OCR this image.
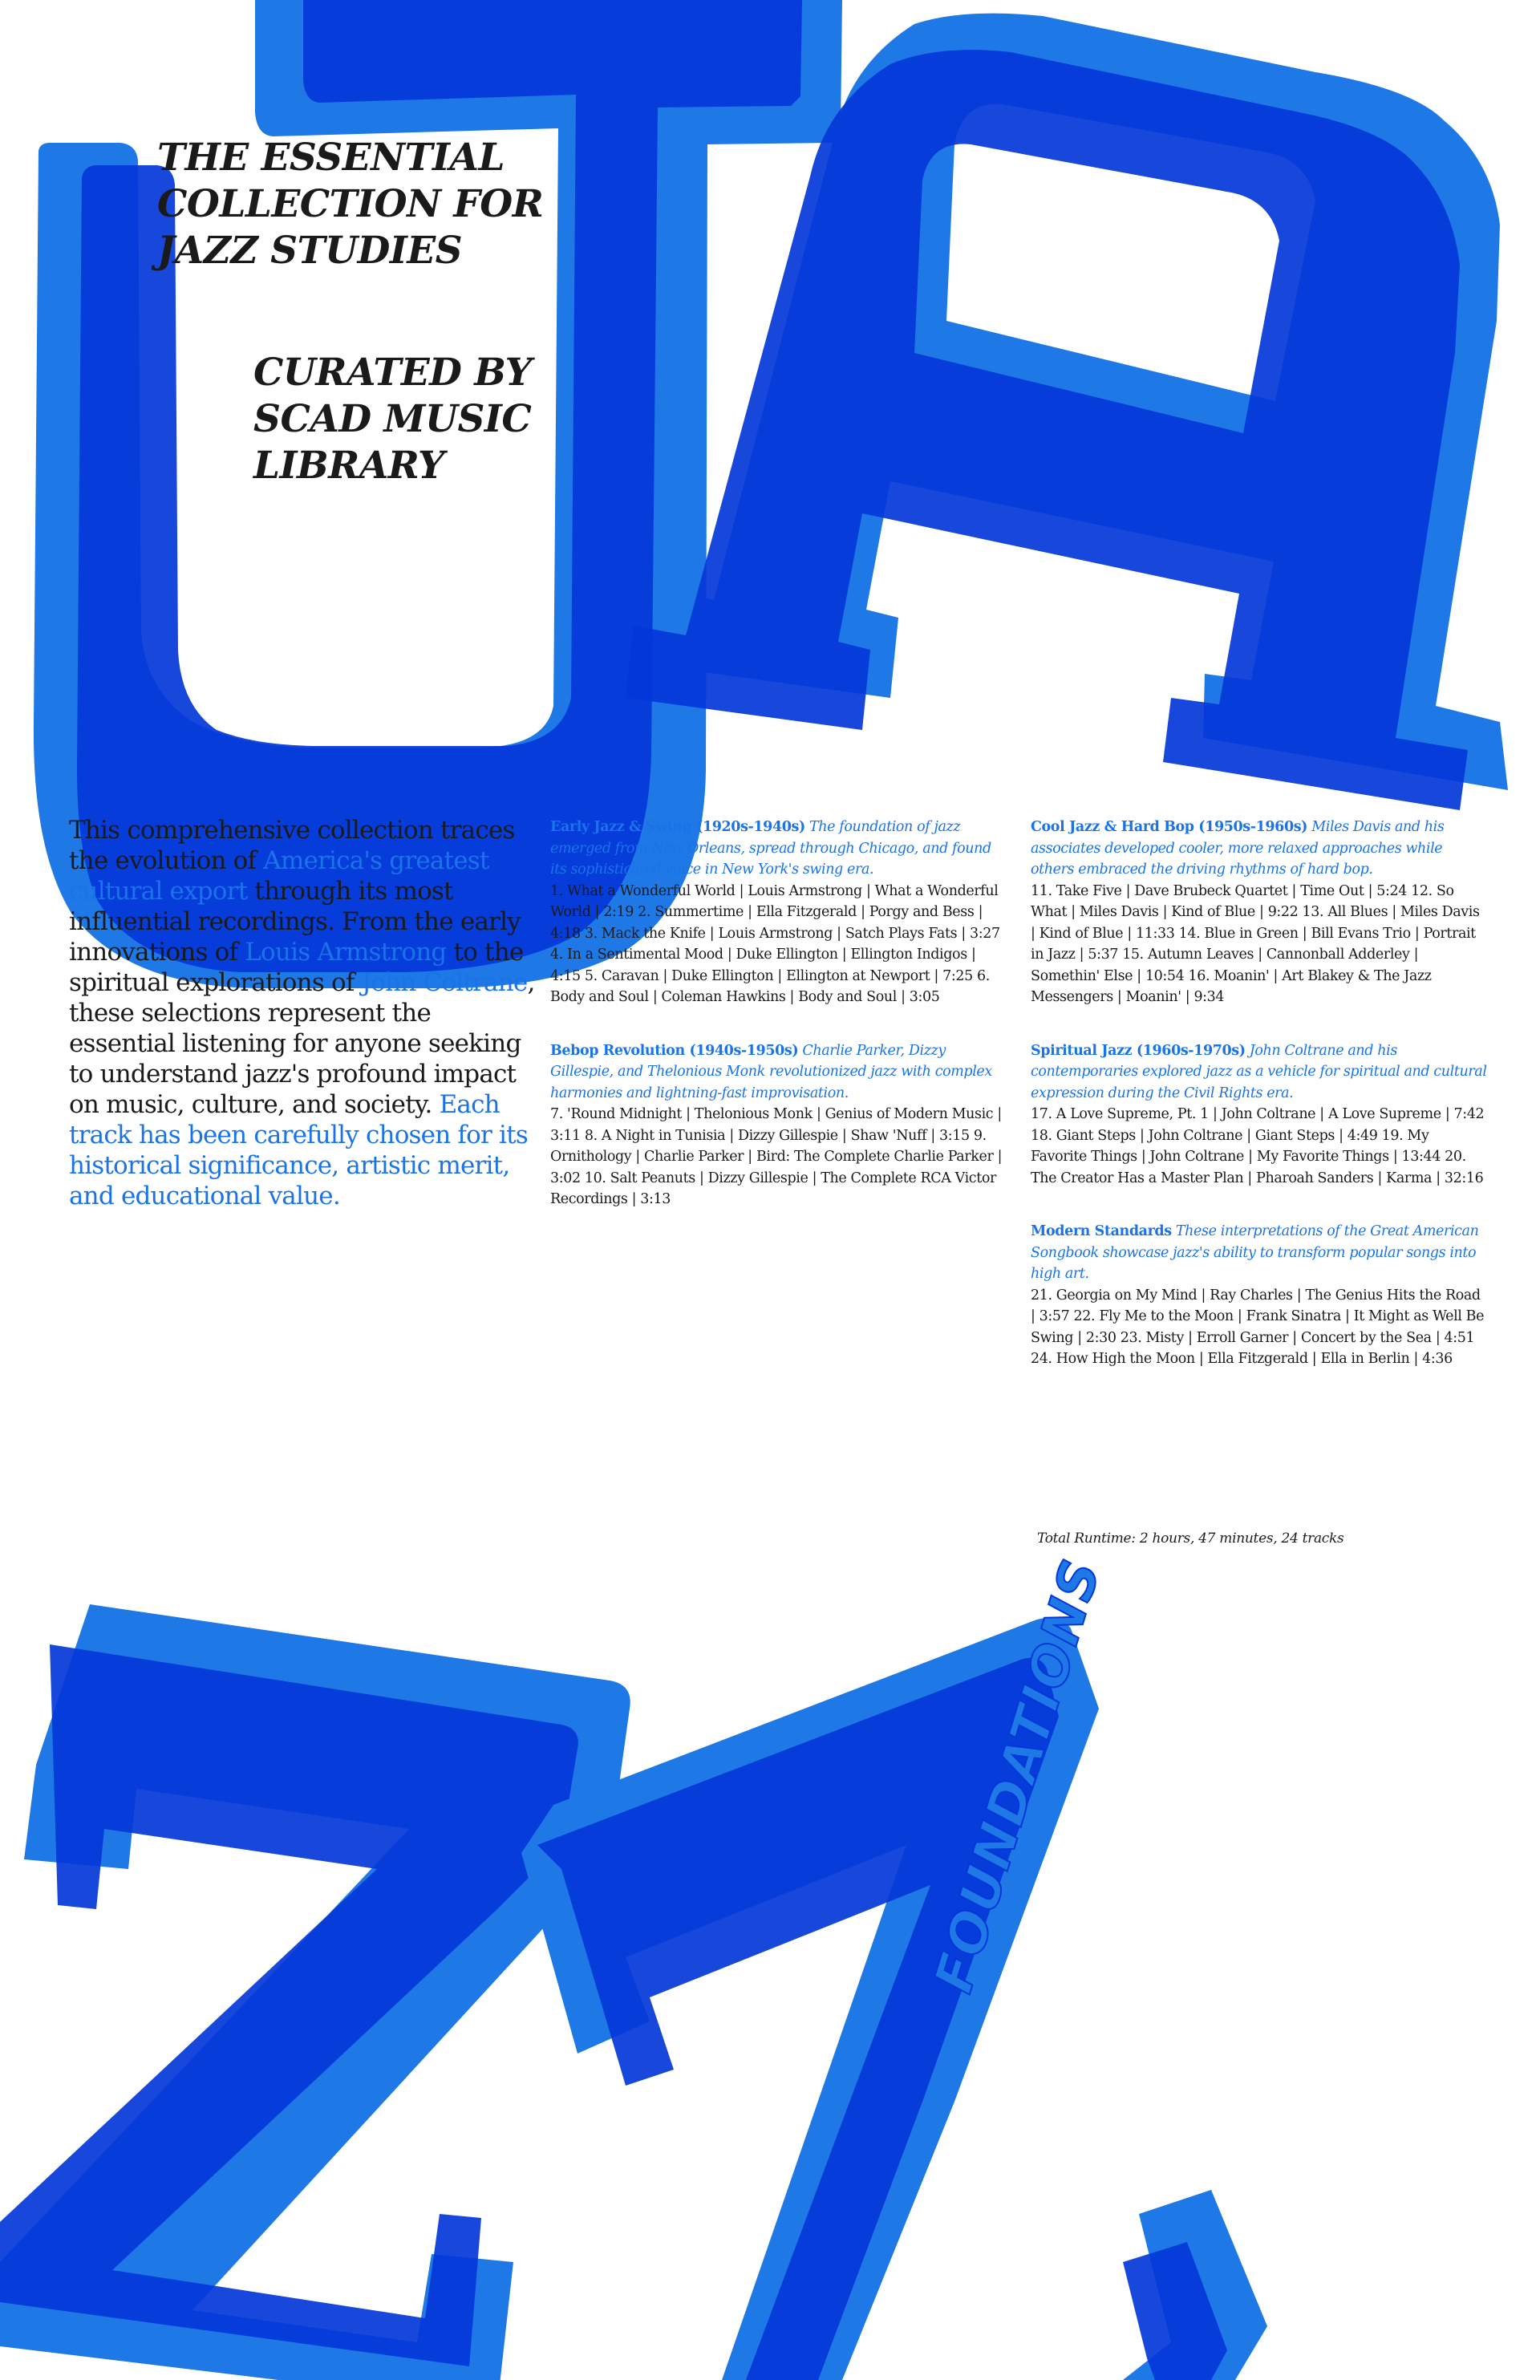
THE ESSENTIAL COLLECTION FOR JAZZ STUDIES
CURATED BY SCAD MUSIC LIBRARY
This comprehensive collection traces the evolution of America's greatest cultural export through its most influential recordings. From the early innovations of Louis Armstrong to the spiritual explorations of John Coltrane, these selections represent the essential listening for anyone seeking to understand jazz's profound impact on music, culture, and society. Each track has been carefully chosen for its historical significance, artistic merit, and educational value.
Early Jazz & Swing (1920s-1940s) The foundation of jazz emerged from New Orleans, spread through Chicago, and found its sophisticated voice in New York's swing era.
1. What a Wonderful World | Louis Armstrong | What a Wonderful World | 2:19 2. Summertime | Ella Fitzgerald | Porgy and Bess | 4:18 3. Mack the Knife | Louis Armstrong | Satch Plays Fats | 3:27 4. In a Sentimental Mood | Duke Ellington | Ellington Indigos | 4:15 5. Caravan | Duke Ellington | Ellington at Newport | 7:25 6. Body and Soul | Coleman Hawkins | Body and Soul | 3:05
Bebop Revolution (1940s-1950s) Charlie Parker, Dizzy Gillespie, and Thelonious Monk revolutionized jazz with complex harmonies and lightning-fast improvisation.
7. 'Round Midnight | Thelonious Monk | Genius of Modern Music | 3:11 8. A Night in Tunisia | Dizzy Gillespie | Shaw 'Nuff | 3:15 9. Ornithology | Charlie Parker | Bird: The Complete Charlie Parker | 3:02 10. Salt Peanuts | Dizzy Gillespie | The Complete RCA Victor Recordings | 3:13
Cool Jazz & Hard Bop (1950s-1960s) Miles Davis and his associates developed cooler, more relaxed approaches while others embraced the driving rhythms of hard bop.
11. Take Five | Dave Brubeck Quartet | Time Out | 5:24 12. So What | Miles Davis | Kind of Blue | 9:22 13. All Blues | Miles Davis | Kind of Blue | 11:33 14. Blue in Green | Bill Evans Trio | Portrait in Jazz | 5:37 15. Autumn Leaves | Cannonball Adderley | Somethin' Else | 10:54 16. Moanin' | Art Blakey & The Jazz Messengers | Moanin' | 9:34
Spiritual Jazz (1960s-1970s) John Coltrane and his contemporaries explored jazz as a vehicle for spiritual and cultural expression during the Civil Rights era.
17. A Love Supreme, Pt. 1 | John Coltrane | A Love Supreme | 7:42 18. Giant Steps | John Coltrane | Giant Steps | 4:49 19. My Favorite Things | John Coltrane | My Favorite Things | 13:44 20. The Creator Has a Master Plan | Pharoah Sanders | Karma | 32:16
Modern Standards These interpretations of the Great American Songbook showcase jazz's ability to transform popular songs into high art.
21. Georgia on My Mind | Ray Charles | The Genius Hits the Road | 3:57 22. Fly Me to the Moon | Frank Sinatra | It Might as Well Be Swing | 2:30 23. Misty | Erroll Garner | Concert by the Sea | 4:51 24. How High the Moon | Ella Fitzgerald | Ella in Berlin | 4:36
Total Runtime: 2 hours, 47 minutes, 24 tracks
FOUNDATIONS
